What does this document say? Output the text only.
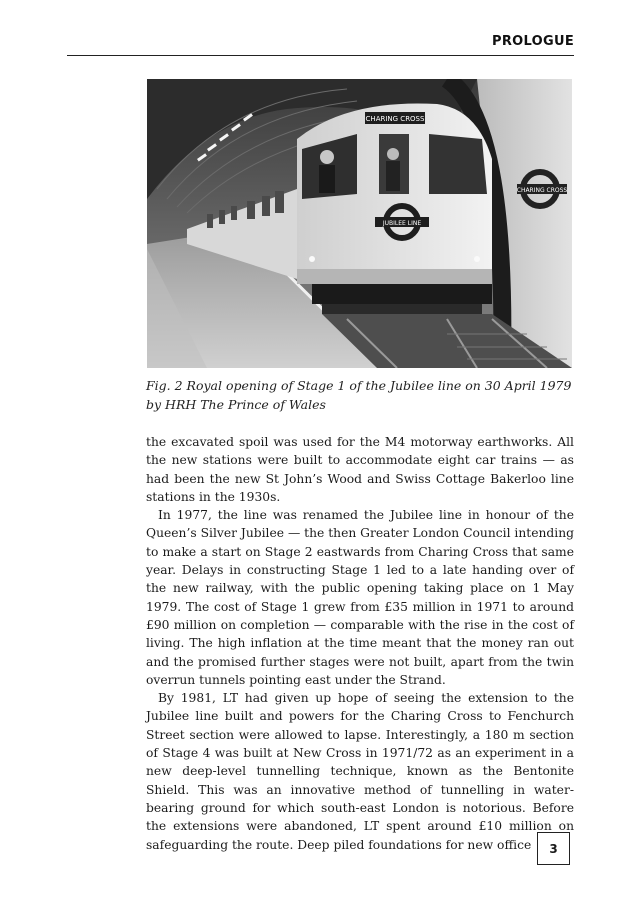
PROLOGUE
CHARING CROSS
CHARING CROSS
JUBILEE LINE
Fig. 2 Royal opening of Stage 1 of the Jubilee line on 30 April 1979 by HRH The Prince of Wales

the excavated spoil was used for the M4 motorway earthworks. All the new stations were built to accommodate eight car trains — as had been the new St John’s Wood and Swiss Cottage Bakerloo line stations in the 1930s.

In 1977, the line was renamed the Jubilee line in honour of the Queen’s Silver Jubilee — the then Greater London Council intending to make a start on Stage 2 eastwards from Charing Cross that same year. Delays in constructing Stage 1 led to a late handing over of the new railway, with the public opening taking place on 1 May 1979. The cost of Stage 1 grew from £35 million in 1971 to around £90 million on completion — comparable with the rise in the cost of living. The high inflation at the time meant that the money ran out and the promised further stages were not built, apart from the twin overrun tunnels pointing east under the Strand.

By 1981, LT had given up hope of seeing the extension to the Jubilee line built and powers for the Charing Cross to Fenchurch Street section were allowed to lapse. Interestingly, a 180 m section of Stage 4 was built at New Cross in 1971/72 as an experiment in a new deep-level tunnelling technique, known as the Bentonite Shield. This was an innovative method of tunnelling in water-bearing ground for which south-east London is notorious. Before the extensions were abandoned, LT spent around £10 million on safeguarding the route. Deep piled foundations for new office	3
